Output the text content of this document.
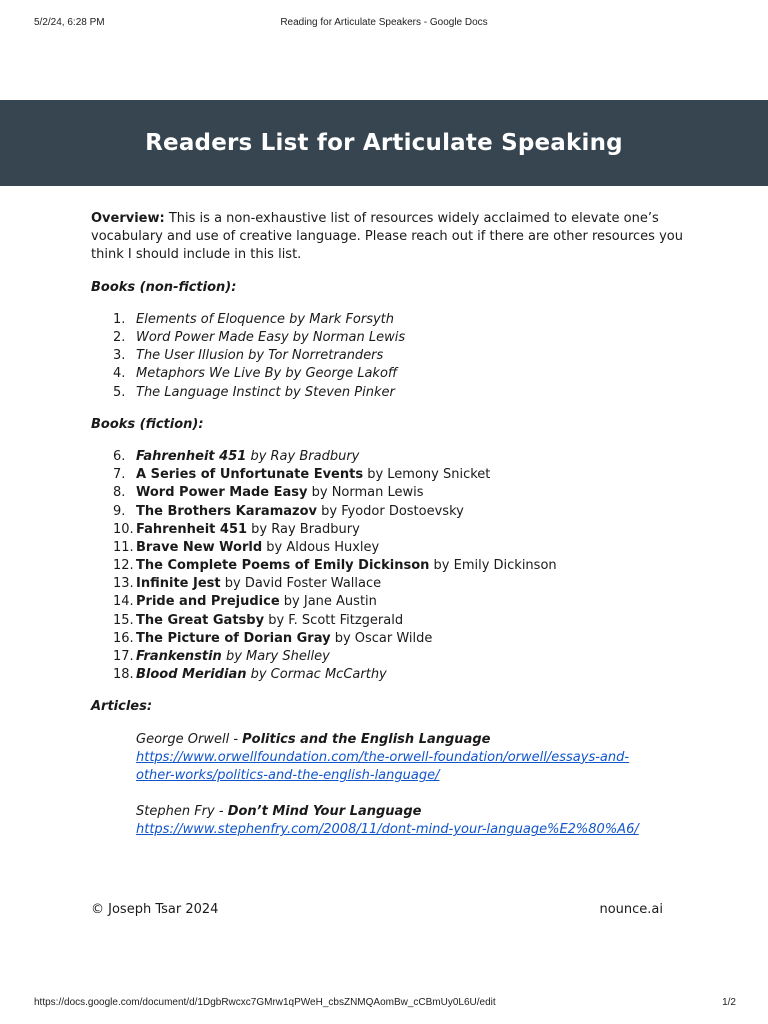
Reading for Articulate Speakers - Google Docs
5/2/24, 6:28 PM
Readers List for Articulate Speaking

Overview: This is a non-exhaustive list of resources widely acclaimed to elevate one’s vocabulary and use of creative language. Please reach out if there are other resources you think I should include in this list.

Books (non-fiction):

1. Elements of Eloquence by Mark Forsyth
2. Word Power Made Easy by Norman Lewis
3. The User Illusion by Tor Norretranders
4. Metaphors We Live By by George Lakoff
5. The Language Instinct by Steven Pinker

Books (fiction):

6. Fahrenheit 451 by Ray Bradbury
7. A Series of Unfortunate Events by Lemony Snicket
8. Word Power Made Easy by Norman Lewis
9. The Brothers Karamazov by Fyodor Dostoevsky
10. Fahrenheit 451 by Ray Bradbury
11. Brave New World by Aldous Huxley
12. The Complete Poems of Emily Dickinson by Emily Dickinson
13. Infinite Jest by David Foster Wallace
14. Pride and Prejudice by Jane Austin
15. The Great Gatsby by F. Scott Fitzgerald
16. The Picture of Dorian Gray by Oscar Wilde
17. Frankenstin by Mary Shelley
18. Blood Meridian by Cormac McCarthy

Articles:

George Orwell - Politics and the English Language

https://www.orwellfoundation.com/the-orwell-foundation/orwell/essays-and-
other-works/politics-and-the-english-language/

Stephen Fry - Don’t Mind Your Language

https://www.stephenfry.com/2008/11/dont-mind-your-language%E2%80%A6/

© Joseph Tsar 2024	nounce.ai
https://docs.google.com/document/d/1DgbRwcxc7GMrw1qPWeH_cbsZNMQAomBw_cCBmUy0L6U/edit	1/2
